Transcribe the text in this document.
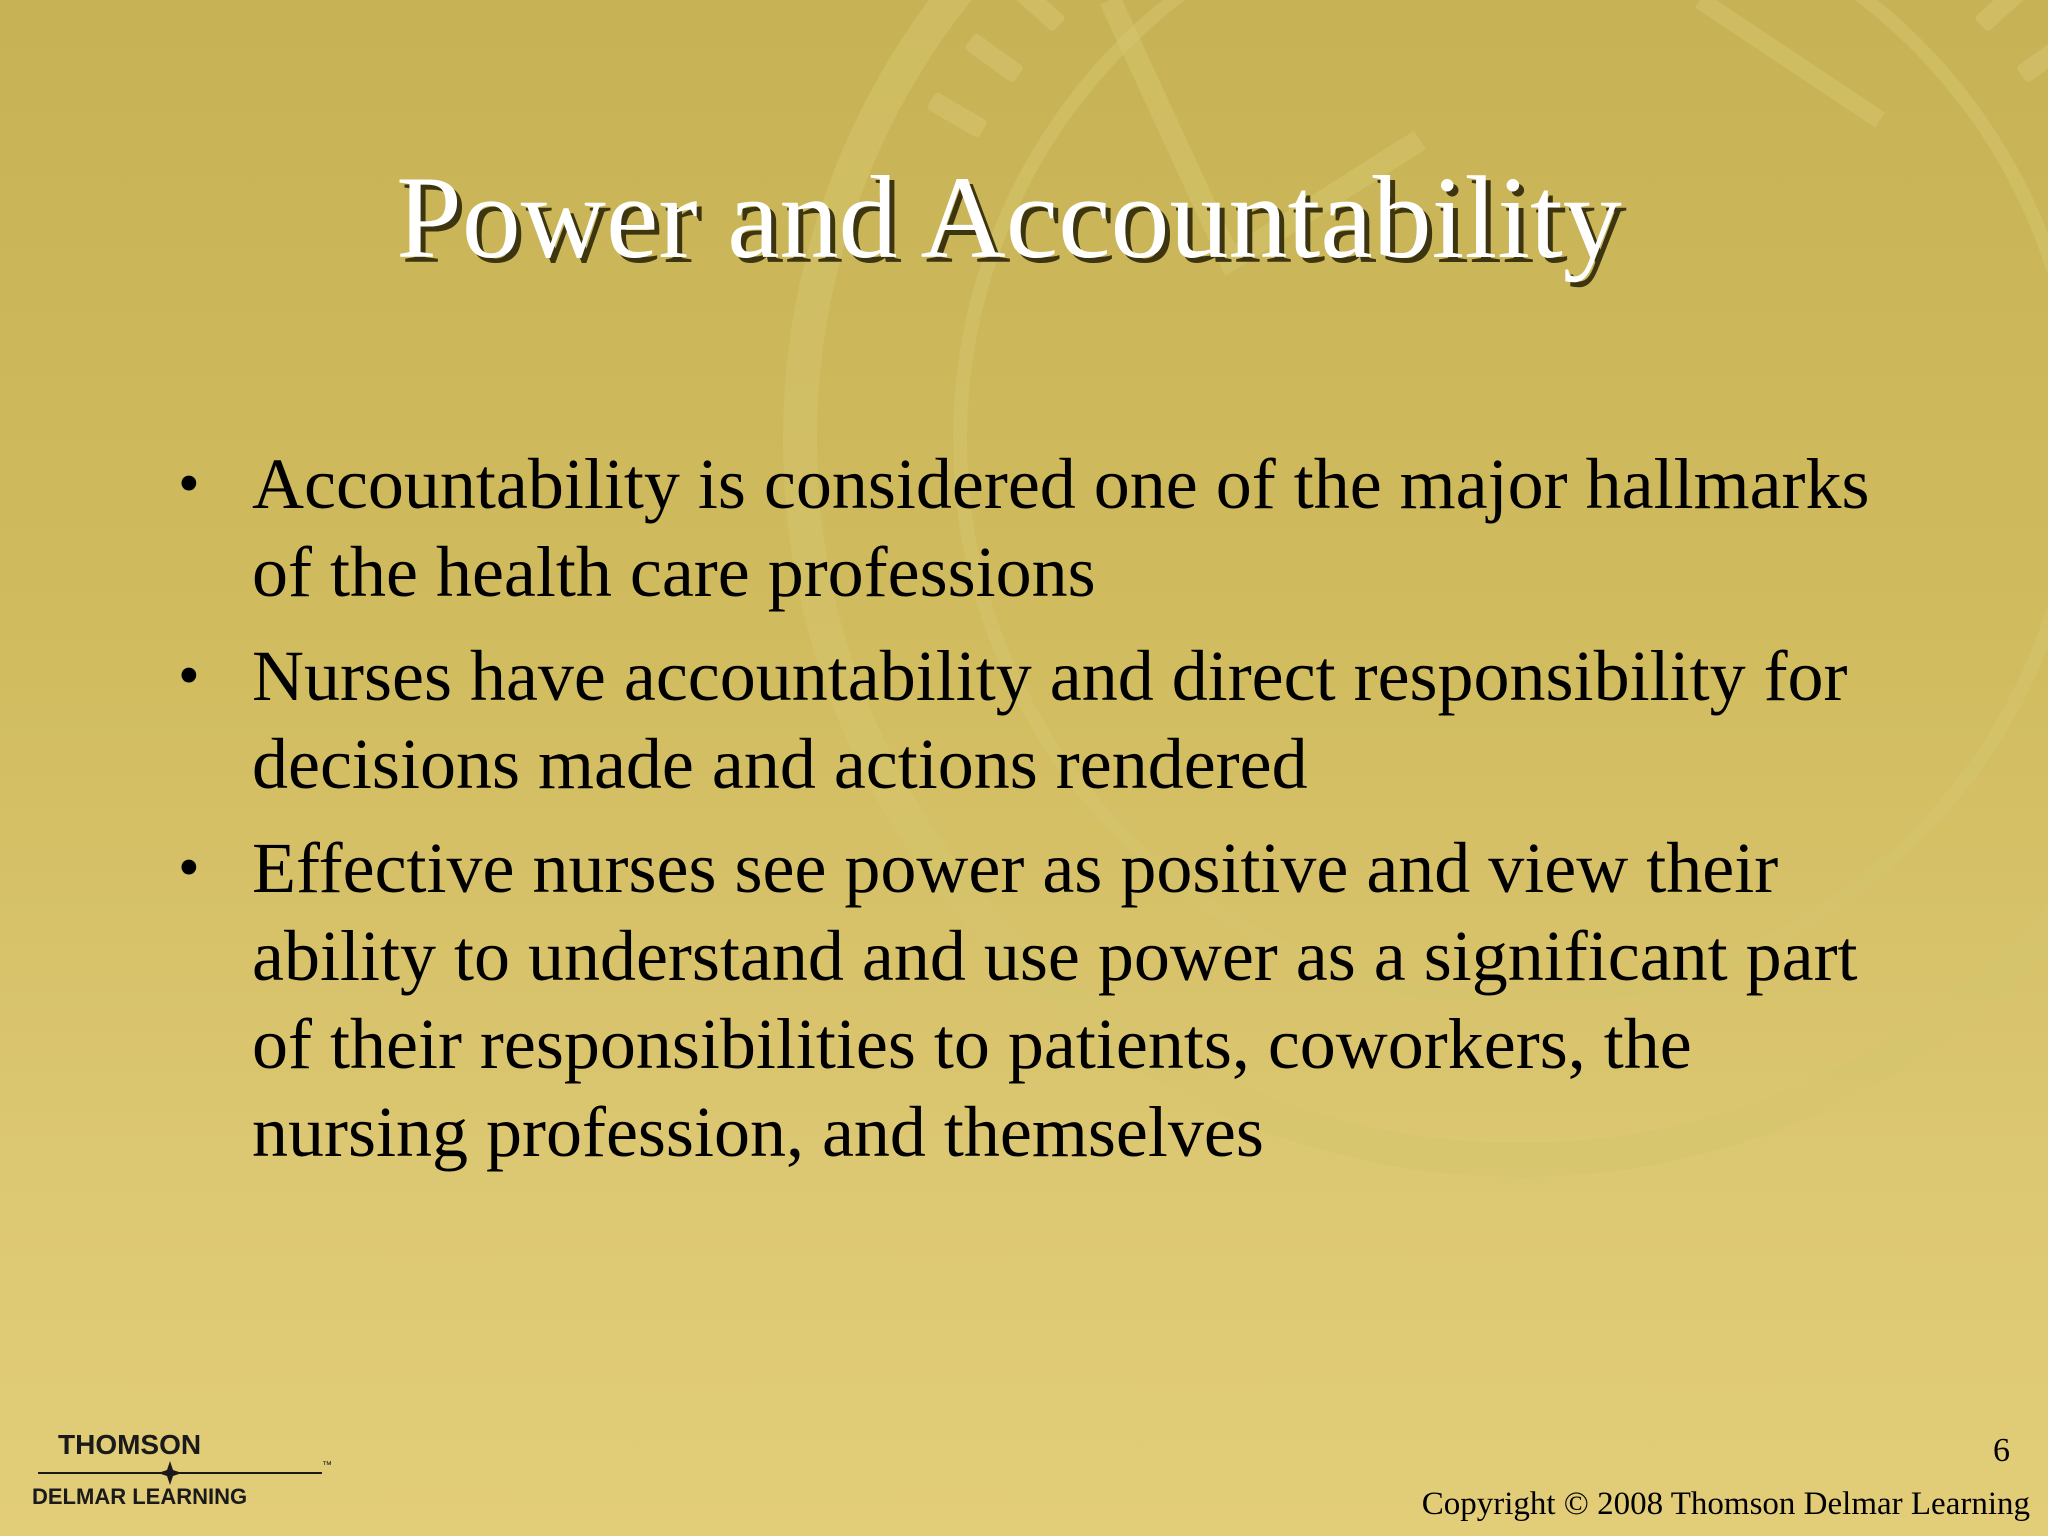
Power and Accountability
• Accountability is considered one of the major hallmarks of the health care professions
• Nurses have accountability and direct responsibility for decisions made and actions rendered
• Effective nurses see power as positive and view their ability to understand and use power as a significant part of their responsibilities to patients, coworkers, the nursing profession, and themselves
THOMSON
™
DELMAR LEARNING
6
Copyright © 2008 Thomson Delmar Learning
